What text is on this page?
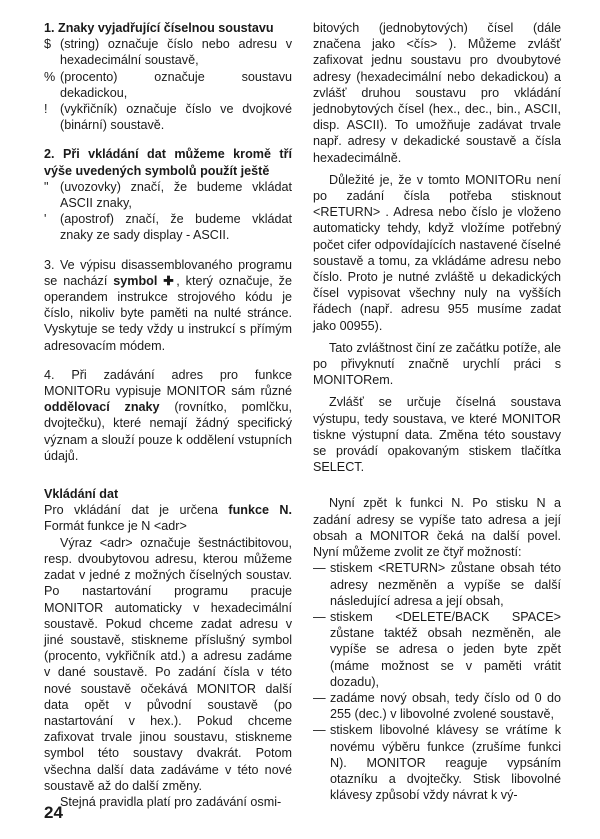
1. Znaky vyjadřující číselnou soustavu

$ (string) označuje číslo nebo adresu v hexadecimální soustavě,
% (procento) označuje soustavu dekadickou,
! (vykřičník) označuje číslo ve dvojkové (binární) soustavě.

2. Při vkládání dat můžeme kromě tří výše uvedených symbolů použít ještě

" (uvozovky) značí, že budeme vkládat ASCII znaky,
'	(apostrof) značí, že budeme vkládat znaky ze sady display - ASCII.

3. Ve výpisu disassemblovaného programu se nachází symbol ✚, který označuje, že operandem instrukce strojového kódu je číslo, nikoliv byte paměti na nulté stránce. Vyskytuje se tedy vždy u instrukcí s přímým adresovacím módem.

4. Při zadávání adres pro funkce MONITORu vypisuje MONITOR sám různé oddělovací znaky (rovnítko, pomlčku, dvojtečku), které nemají žádný specifický význam a slouží pouze k oddělení vstupních údajů.

Vkládání dat

Pro vkládání dat je určena funkce N. Formát funkce je N <adr>

Výraz <adr> označuje šestnáctibitovou, resp. dvoubytovou adresu, kterou můžeme zadat v jedné z možných číselných soustav. Po nastartování programu pracuje MONITOR automaticky v hexadecimální soustavě. Pokud chceme zadat adresu v jiné soustavě, stiskneme příslušný symbol (procento, vykřičník atd.) a adresu zadáme v dané soustavě. Po zadání čísla v této nové soustavě očekává MONITOR další data opět v původní soustavě (po nastartování v hex.). Pokud chceme zafixovat trvale jinou soustavu, stiskneme symbol této soustavy dvakrát. Potom všechna další data zadáváme v této nové soustavě až do další změny.

Stejná pravidla platí pro zadávání osmi-

bitových (jednobytových) čísel (dále značena jako <čís> ). Můžeme zvlášť zafixovat jednu soustavu pro dvoubytové adresy (hexadecimální nebo dekadickou) a zvlášť druhou soustavu pro vkládání jednobytových čísel (hex., dec., bin., ASCII, disp. ASCII). To umožňuje zadávat trvale např. adresy v dekadické soustavě a čísla hexadecimálně.

Důležité je, že v tomto MONITORu není po zadání čísla potřeba stisknout <RETURN> . Adresa nebo číslo je vloženo automaticky tehdy, když vložíme potřebný počet cifer odpovídajících nastavené číselné soustavě a tomu, za vkládáme adresu nebo číslo. Proto je nutné zvláště u dekadických čísel vypisovat všechny nuly na vyšších řádech (např. adresu 955 musíme zadat jako 00955).

Tato zvláštnost činí ze začátku potíže, ale po přivyknutí značně urychlí práci s MONITORem.

Zvlášť se určuje číselná soustava výstupu, tedy soustava, ve které MONITOR tiskne výstupní data. Změna této soustavy se provádí opakovaným stiskem tlačítka SELECT.

Nyní zpět k funkci N. Po stisku N a zadání adresy se vypíše tato adresa a její obsah a MONITOR čeká na další povel. Nyní můžeme zvolit ze čtyř možností:

— stiskem <RETURN> zůstane obsah této adresy nezměněn a vypíše se další následující adresa a její obsah,
— stiskem <DELETE/BACK SPACE> zůstane taktéž obsah nezměněn, ale vypíše se adresa o jeden byte zpět (máme možnost se v paměti vrátit dozadu),
— zadáme nový obsah, tedy číslo od 0 do 255 (dec.) v libovolné zvolené soustavě,
— stiskem libovolné klávesy se vrátíme k novému výběru funkce (zrušíme funkci N). MONITOR reaguje vypsáním otazníku a dvojtečky. Stisk libovolné klávesy způsobí vždy návrat k vý-
24
